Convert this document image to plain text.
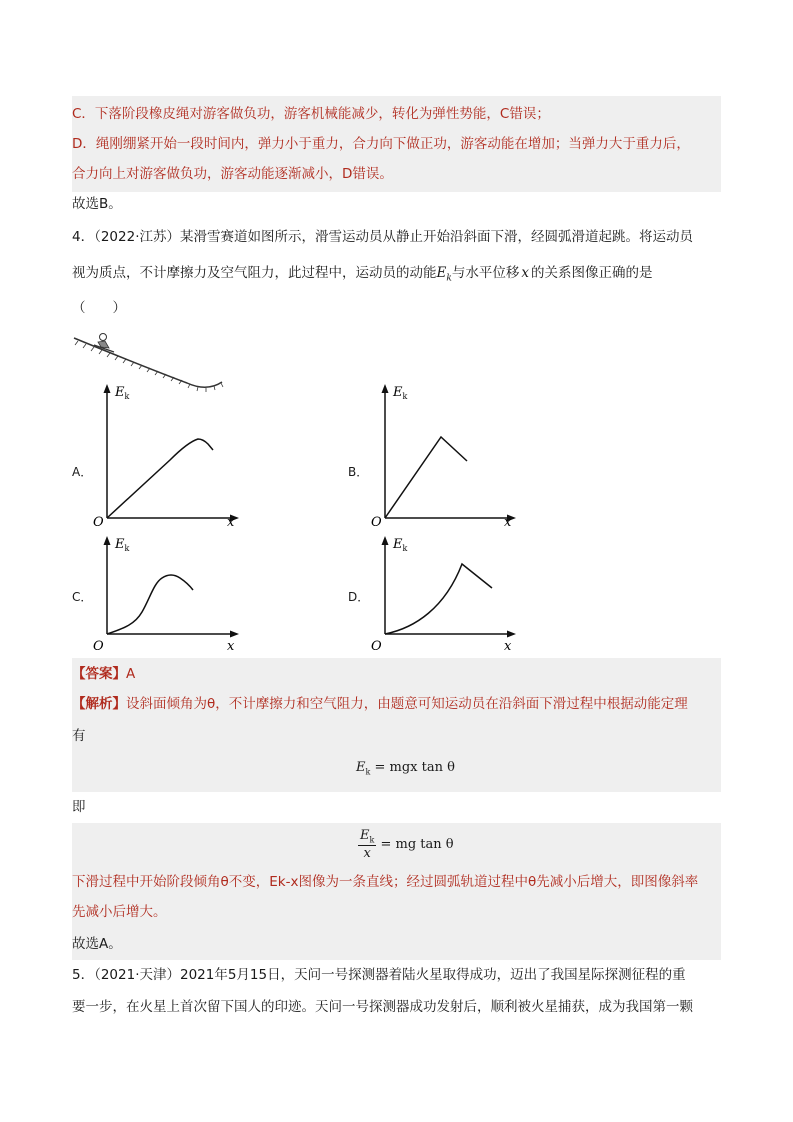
C．下落阶段橡皮绳对游客做负功，游客机械能减少，转化为弹性势能，C错误；
D．绳刚绷紧开始一段时间内，弹力小于重力，合力向下做正功，游客动能在增加；当弹力大于重力后，
合力向上对游客做负功，游客动能逐渐减小，D错误。
故选B。
4．（2022·江苏）某滑雪赛道如图所示，滑雪运动员从静止开始沿斜面下滑，经圆弧滑道起跳。将运动员
视为质点，不计摩擦力及空气阻力，此过程中，运动员的动能$E_k$与水平位移 x 的关系图像正确的是
（　　）
A．
$E_k$
O	x
B．
$E_k$
O	x
C．
$E_k$
O	x
D．
$E_k$
O	x
【答案】A
【解析】设斜面倾角为θ，不计摩擦力和空气阻力，由题意可知运动员在沿斜面下滑过程中根据动能定理
有
$E_k$ = mgx tan θ
即
$\frac{E_k}{x}$ = mg tan θ
下滑过程中开始阶段倾角θ不变，Ek-x图像为一条直线；经过圆弧轨道过程中θ先减小后增大，即图像斜率
先减小后增大。
故选A。
5．（2021·天津）2021年5月15日，天问一号探测器着陆火星取得成功，迈出了我国星际探测征程的重
要一步，在火星上首次留下国人的印迹。天问一号探测器成功发射后，顺利被火星捕获，成为我国第一颗
